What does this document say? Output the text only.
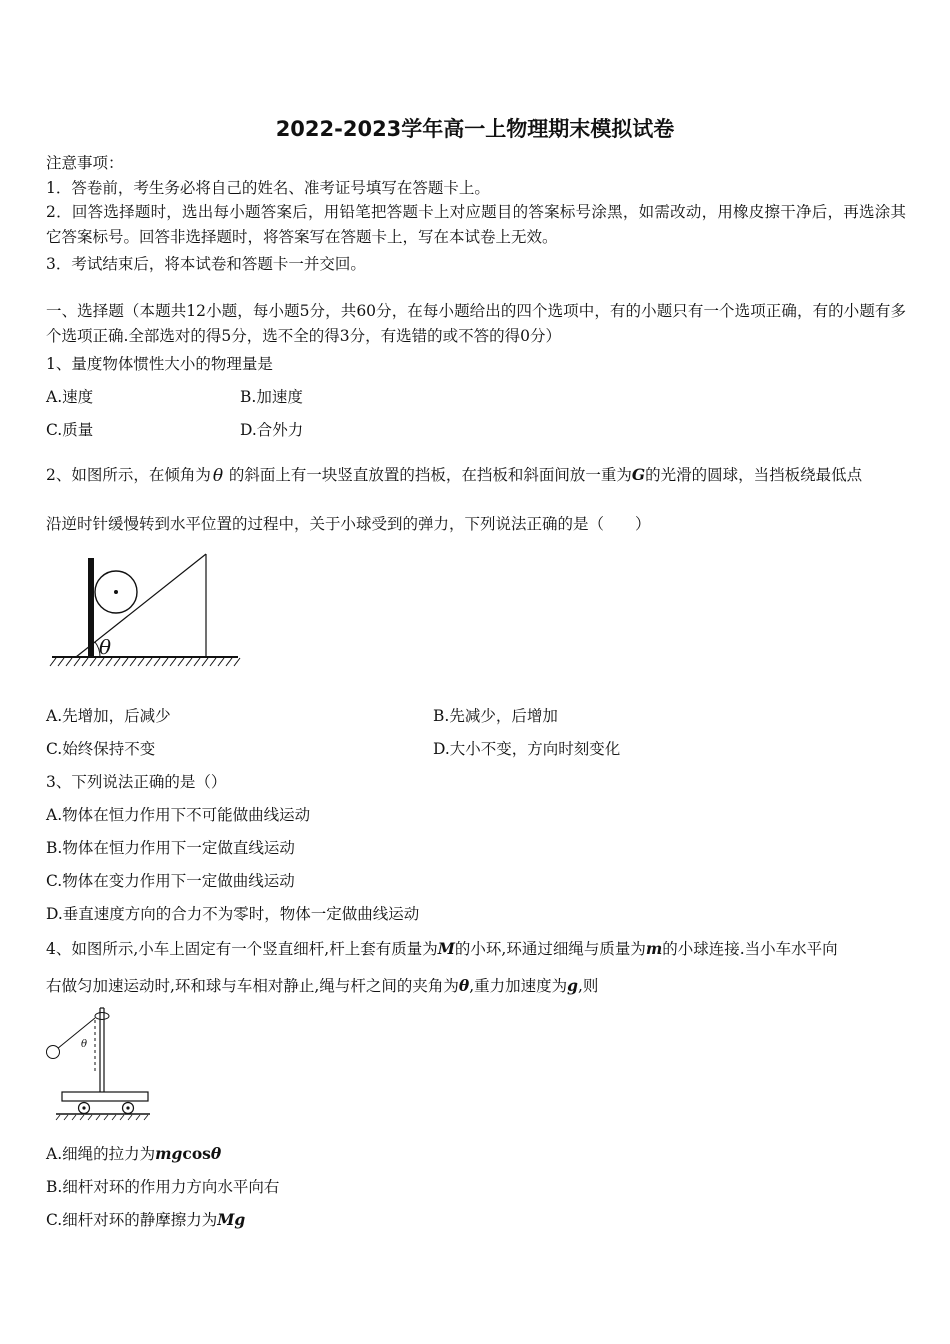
2022-2023学年高一上物理期末模拟试卷
注意事项：
1．答卷前，考生务必将自己的姓名、准考证号填写在答题卡上。
2．回答选择题时，选出每小题答案后，用铅笔把答题卡上对应题目的答案标号涂黑，如需改动，用橡皮擦干净后，再选涂其它答案标号。回答非选择题时，将答案写在答题卡上，写在本试卷上无效。
3．考试结束后，将本试卷和答题卡一并交回。
一、选择题（本题共12小题，每小题5分，共60分，在每小题给出的四个选项中，有的小题只有一个选项正确，有的小题有多个选项正确.全部选对的得5分，选不全的得3分，有选错的或不答的得0分）
1、量度物体惯性大小的物理量是
A.速度	B.加速度
C.质量	D.合外力
2、如图所示，在倾角为 θ 的斜面上有一块竖直放置的挡板，在挡板和斜面间放一重为G的光滑的圆球，当挡板绕最低点
沿逆时针缓慢转到水平位置的过程中，关于小球受到的弹力，下列说法正确的是（　　）
θ
A.先增加，后减少	B.先减少，后增加
C.始终保持不变	D.大小不变，方向时刻变化
3、下列说法正确的是（）
A.物体在恒力作用下不可能做曲线运动
B.物体在恒力作用下一定做直线运动
C.物体在变力作用下一定做曲线运动
D.垂直速度方向的合力不为零时，物体一定做曲线运动
4、如图所示,小车上固定有一个竖直细杆,杆上套有质量为M的小环,环通过细绳与质量为m的小球连接.当小车水平向
右做匀加速运动时,环和球与车相对静止,绳与杆之间的夹角为θ,重力加速度为g,则
θ
A.细绳的拉力为mgcosθ
B.细杆对环的作用力方向水平向右
C.细杆对环的静摩擦力为Mg
